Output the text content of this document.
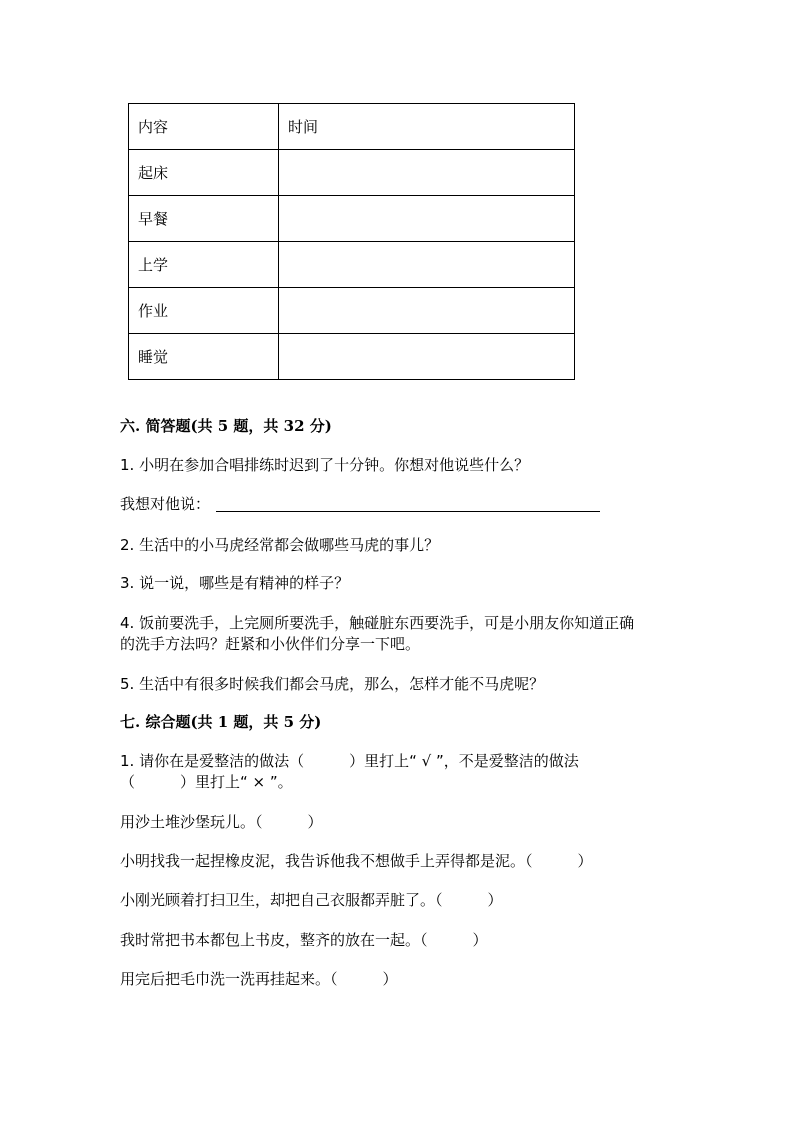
内容	时间
起床	
早餐	
上学	
作业	
睡觉	
六. 简答题(共 5 题，共 32 分)
1. 小明在参加合唱排练时迟到了十分钟。你想对他说些什么？
我想对他说：
2. 生活中的小马虎经常都会做哪些马虎的事儿？
3. 说一说，哪些是有精神的样子？
4. 饭前要洗手，上完厕所要洗手，触碰脏东西要洗手，可是小朋友你知道正确
的洗手方法吗？赶紧和小伙伴们分享一下吧。
5. 生活中有很多时候我们都会马虎，那么，怎样才能不马虎呢？
七. 综合题(共 1 题，共 5 分)
1. 请你在是爱整洁的做法（　　　）里打上“ √ ”，不是爱整洁的做法
（　　　）里打上“ × ”。
用沙土堆沙堡玩儿。（　　　）
小明找我一起捏橡皮泥，我告诉他我不想做手上弄得都是泥。（　　　）
小刚光顾着打扫卫生，却把自己衣服都弄脏了。（　　　）
我时常把书本都包上书皮，整齐的放在一起。（　　　）
用完后把毛巾洗一洗再挂起来。（　　　）
